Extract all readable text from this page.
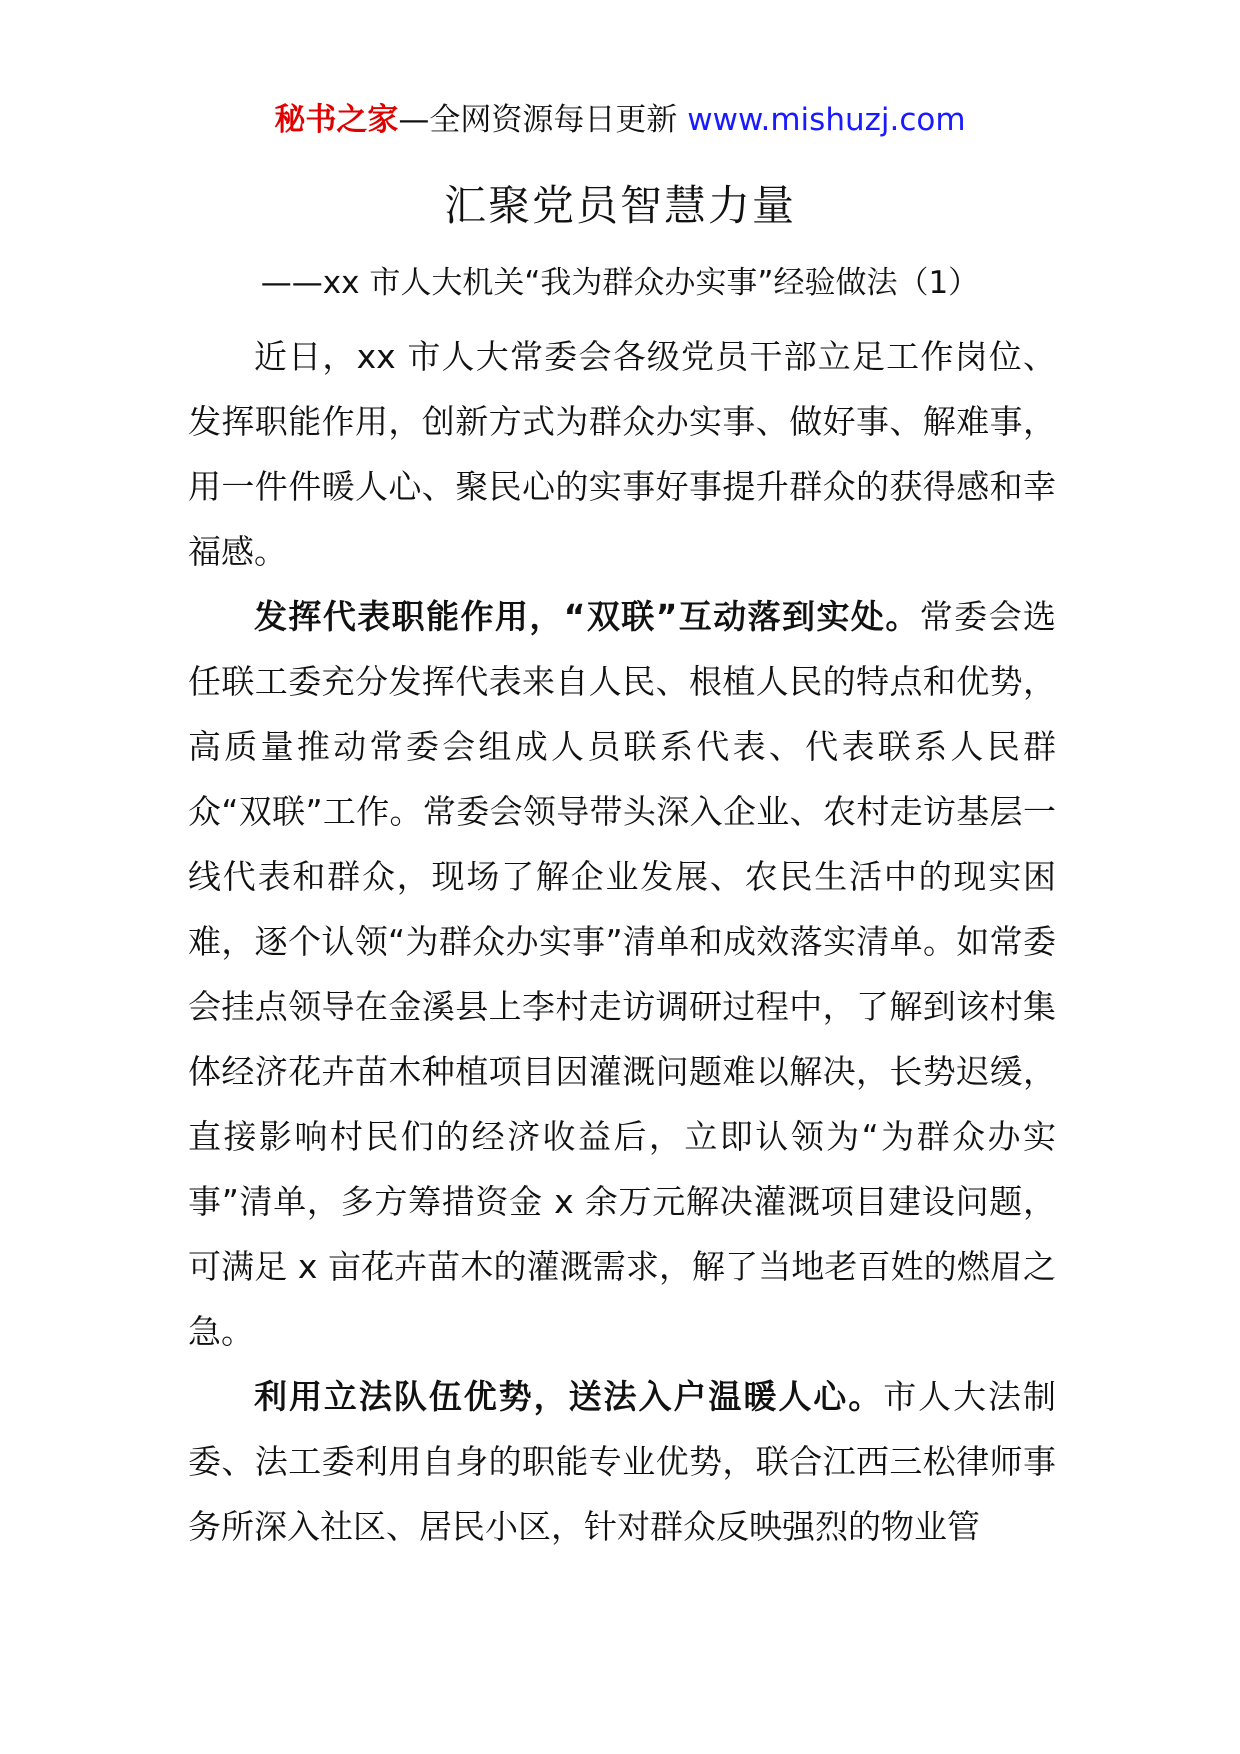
秘书之家—全网资源每日更新 www.mishuzj.com
汇聚党员智慧力量
——xx 市人大机关“我为群众办实事”经验做法（1）

近日，xx 市人大常委会各级党员干部立足工作岗位、发挥职能作用，创新方式为群众办实事、做好事、解难事，用一件件暖人心、聚民心的实事好事提升群众的获得感和幸福感。

发挥代表职能作用，“双联”互动落到实处。常委会选任联工委充分发挥代表来自人民、根植人民的特点和优势，高质量推动常委会组成人员联系代表、代表联系人民群众“双联”工作。常委会领导带头深入企业、农村走访基层一线代表和群众，现场了解企业发展、农民生活中的现实困难，逐个认领“为群众办实事”清单和成效落实清单。如常委会挂点领导在金溪县上李村走访调研过程中，了解到该村集体经济花卉苗木种植项目因灌溉问题难以解决，长势迟缓，直接影响村民们的经济收益后，立即认领为“为群众办实事”清单，多方筹措资金 x 余万元解决灌溉项目建设问题，可满足 x 亩花卉苗木的灌溉需求，解了当地老百姓的燃眉之急。

利用立法队伍优势，送法入户温暖人心。市人大法制委、法工委利用自身的职能专业优势，联合江西三松律师事务所深入社区、居民小区，针对群众反映强烈的物业管
